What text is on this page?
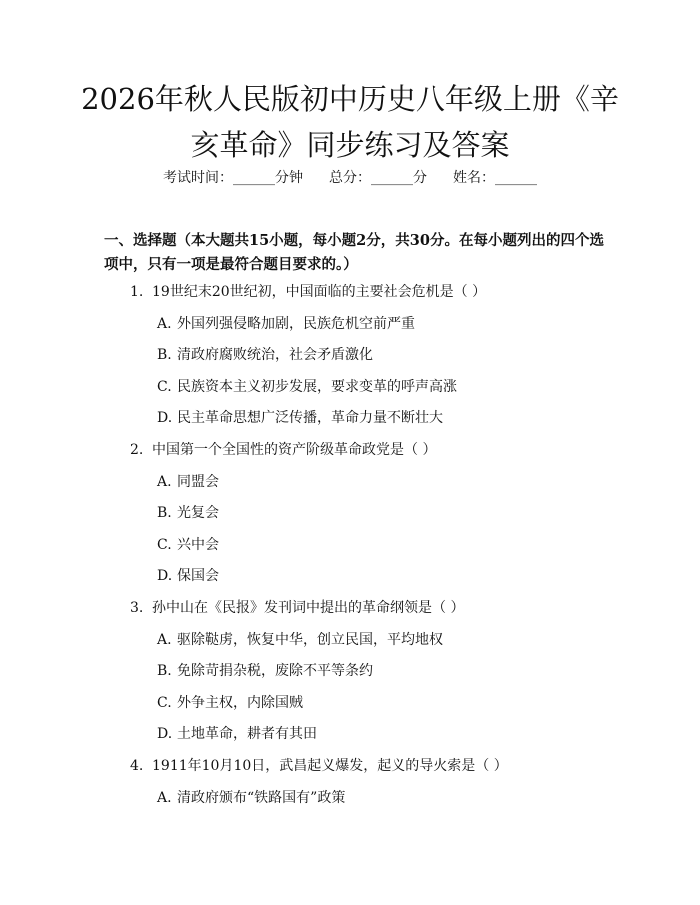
2026年秋人民版初中历史八年级上册《辛亥革命》同步练习及答案
考试时间：______分钟 总分：______分 姓名：______
一、选择题（本大题共15小题，每小题2分，共30分。在每小题列出的四个选项中，只有一项是最符合题目要求的。）
1. 19世纪末20世纪初，中国面临的主要社会危机是（ ）
A. 外国列强侵略加剧，民族危机空前严重
B. 清政府腐败统治，社会矛盾激化
C. 民族资本主义初步发展，要求变革的呼声高涨
D. 民主革命思想广泛传播，革命力量不断壮大
2. 中国第一个全国性的资产阶级革命政党是（ ）
A. 同盟会
B. 光复会
C. 兴中会
D. 保国会
3. 孙中山在《民报》发刊词中提出的革命纲领是（ ）
A. 驱除鞑虏，恢复中华，创立民国，平均地权
B. 免除苛捐杂税，废除不平等条约
C. 外争主权，内除国贼
D. 土地革命，耕者有其田
4. 1911年10月10日，武昌起义爆发，起义的导火索是（ ）
A. 清政府颁布“铁路国有”政策
